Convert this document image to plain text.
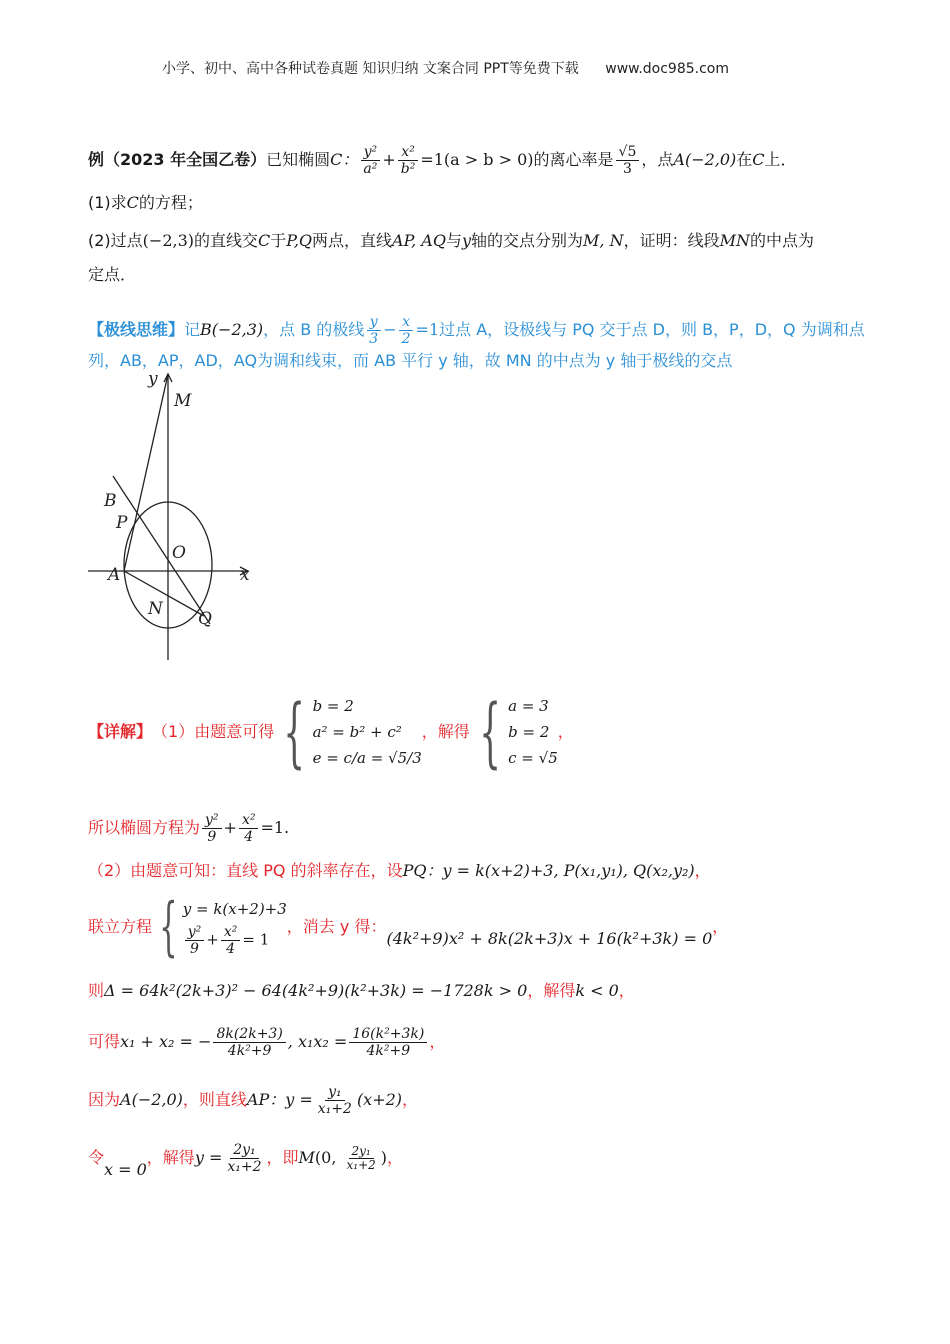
小学、初中、高中各种试卷真题 知识归纳 文案合同 PPT等免费下载 www.doc985.com
例（2023 年全国乙卷）已知椭圆C： $\frac{\text{y²}}{\text{a²}} + \frac{\text{x²}}{\text{b²}} =1(a > b > 0)$的离心率是 $\frac{√5}{3}$ ，点A(−2,0)在C上．
(1)求C的方程；
(2)过点(−2,3)的直线交C于P,Q两点，直线AP, AQ与y轴的交点分别为M, N，证明：线段MN的中点为
定点．
【极线思维】记B(−2,3)，点 B 的极线 $\frac{y}{3} - \frac{x}{2} =1$过点 A，设极线与 PQ 交于点 D，则 B，P，D，Q 为调和点
列，AB，AP，AD，AQ为调和线束，而 AB 平行 y 轴，故 MN 的中点为 y 轴于极线的交点
y
M
B
P
O
A	x
N Q
【详解】 （1）由题意可得 { b = 2
a² = b² + c²
e = c/a = √5/3
，解得 { a = 3
b = 2
c = √5
，
所以椭圆方程为 $\frac{\text{y²}}{9} + \frac{\text{x²}}{4} =1$.
（2）由题意可知：直线 PQ 的斜率存在，设PQ：y = k(x+2)+3, P(x₁,y₁), Q(x₂,y₂)，
联立方程 { y = k(x+2)+3
$\frac{\text{y²}}{9} + \frac{\text{x²}}{4} = 1$
，消去 y 得：
(4k²+9)x² + 8k(2k+3)x + 16(k²+3k) = 0
，
则Δ = 64k²(2k+3)² − 64(4k²+9)(k²+3k) = −1728k > 0，解得k < 0，
可得x₁ + x₂ = − $\frac{8k(2k+3)}{\text{4k²+9}}$ , $x_1x_2 = \frac{\text{16(k²+3k)}}{\text{4k²+9}}$ ，
因为A(−2,0)，则直线AP：$y = \frac{\text{y₁}}{\text{x₁+2}} (x+2)$，
令x = 0，解得$y = \frac{\text{2y₁}}{\text{x₁+2}}$ ，即M(0, $\frac{\text{2y₁}}{\text{x₁+2}}$ )，
